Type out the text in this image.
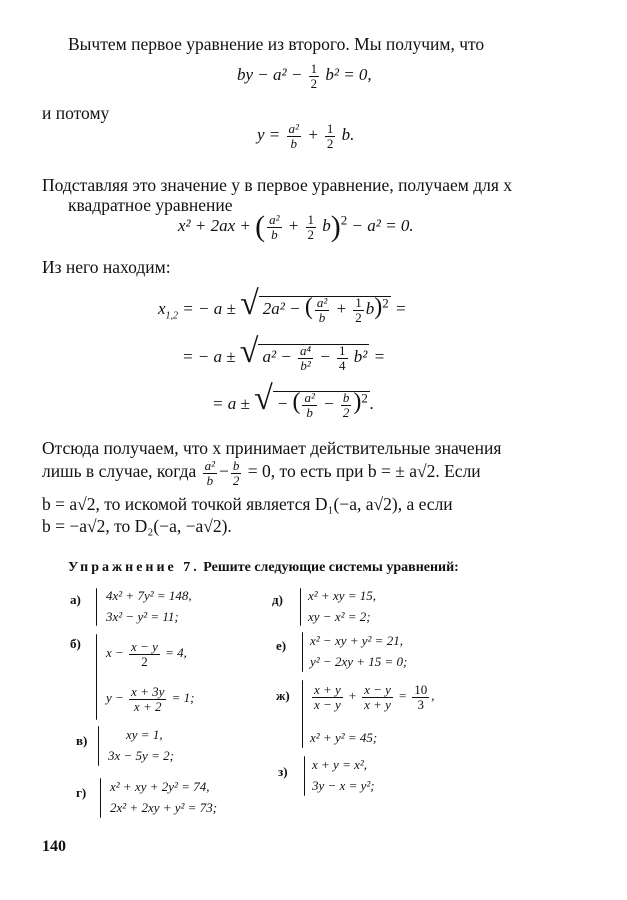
Вычтем первое уравнение из второго. Мы получим, что
by − $a^2 - \frac{1}{2} b^2 = 0$,
и потому
$y = \frac{\text{a²}}{b} + \frac{1}{2} b$.
Подставляя это значение y в первое уравнение, получаем для x
квадратное уравнение
x² + 2ax + ( $\frac{\text{a²}}{b} + \frac{1}{2} b)^2 - a^2 = 0$.
Из него находим:
$x_{1,2}$ = − a ± √ 2a² − ( $\frac{\text{a²}}{b} + \frac{1}{2} b)^2$ =
= − a ± √ $a^2 - \frac{\text{a⁴}}{\text{b²}} - \frac{1}{4} b^2$ =
= a ± √ − ( $\frac{\text{a²}}{b} - \frac{b}{2} )^2$ .
Отсюда получаем, что x принимает действительные значения
лишь в случае, когда $\frac{\text{a²}}{b} - \frac{b}{2} = 0$, то есть при b = ± a√2. Если
b = a√2, то искомой точкой является D₁(−a, a√2), а если
b = −a√2, то D₂(−a, −a√2).
Упражнение 7. Решите следующие системы уравнений:
а) 4x² + 7y² = 148,
3x² − y² = 11;
б)
$x - \frac{x - y}{2} = 4$,
$y - \frac{x + 3y}{x + 2} = 1$;
в)	xy = 1,
3x − 5y = 2;
г) x² + xy + 2y² = 74,
2x² + 2xy + y² = 73;
д) x² + xy = 15,
xy − x² = 2;
е) x² − xy + y² = 21,
y² − 2xy + 15 = 0;
$ж) \frac{x + y}{x - y} + \frac{x - y}{x + y} = \frac{10}{3}$ ,
x² + y² = 45;
з) x + y = x²,
3y − x = y²;
140
